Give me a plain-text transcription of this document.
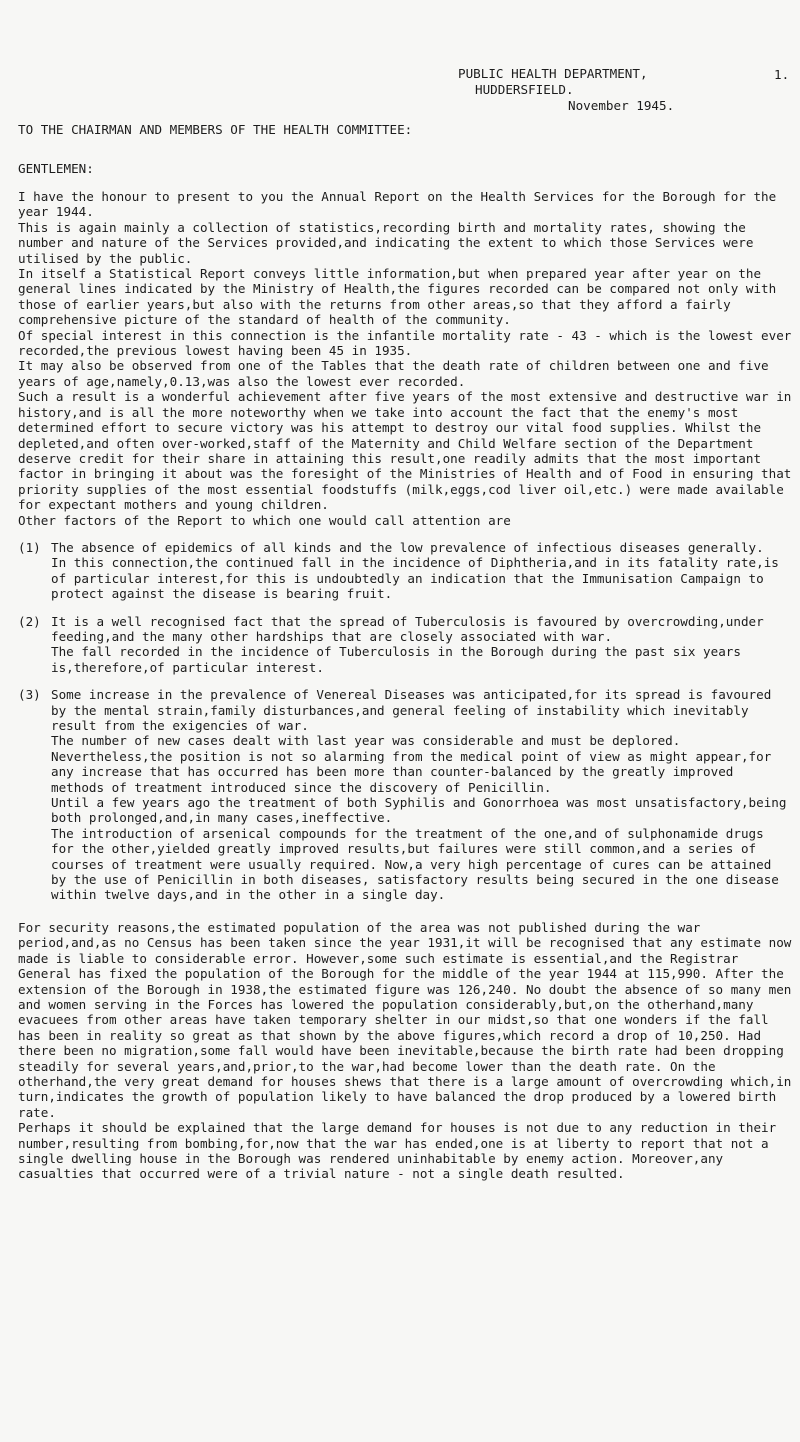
PUBLIC HEALTH DEPARTMENT,
HUDDERSFIELD.
November 1945.
1.
TO THE CHAIRMAN AND MEMBERS OF THE HEALTH COMMITTEE:
GENTLEMEN:

I have the honour to present to you the Annual Report on the Health Services for the Borough for the year 1944.

This is again mainly a collection of statistics,recording birth and mortality rates, showing the number and nature of the Services provided,and indicating the extent to which those Services were utilised by the public.

In itself a Statistical Report conveys little information,but when prepared year after year on the general lines indicated by the Ministry of Health,the figures recorded can be compared not only with those of earlier years,but also with the returns from other areas,so that they afford a fairly comprehensive picture of the standard of health of the community.

Of special interest in this connection is the infantile mortality rate - 43 - which is the lowest ever recorded,the previous lowest having been 45 in 1935.

It may also be observed from one of the Tables that the death rate of children between one and five years of age,namely,0.13,was also the lowest ever recorded.

Such a result is a wonderful achievement after five years of the most extensive and destructive war in history,and is all the more noteworthy when we take into account the fact that the enemy's most determined effort to secure victory was his attempt to destroy our vital food supplies. Whilst the depleted,and often over-worked,staff of the Maternity and Child Welfare section of the Department deserve credit for their share in attaining this result,one readily admits that the most important factor in bringing it about was the foresight of the Ministries of Health and of Food in ensuring that priority supplies of the most essential foodstuffs (milk,eggs,cod liver oil,etc.) were made available for expectant mothers and young children.

Other factors of the Report to which one would call attention are

(1) The absence of epidemics of all kinds and the low prevalence of infectious diseases generally.

In this connection,the continued fall in the incidence of Diphtheria,and in its fatality rate,is of particular interest,for this is undoubtedly an indication that the Immunisation Campaign to protect against the disease is bearing fruit.

(2) It is a well recognised fact that the spread of Tuberculosis is favoured by overcrowding,under feeding,and the many other hardships that are closely associated with war.

The fall recorded in the incidence of Tuberculosis in the Borough during the past six years is,therefore,of particular interest.

(3) Some increase in the prevalence of Venereal Diseases was anticipated,for its spread is favoured by the mental strain,family disturbances,and general feeling of instability which inevitably result from the exigencies of war.

The number of new cases dealt with last year was considerable and must be deplored. Nevertheless,the position is not so alarming from the medical point of view as might appear,for any increase that has occurred has been more than counter-balanced by the greatly improved methods of treatment introduced since the discovery of Penicillin.

Until a few years ago the treatment of both Syphilis and Gonorrhoea was most unsatisfactory,being both prolonged,and,in many cases,ineffective.

The introduction of arsenical compounds for the treatment of the one,and of sulphonamide drugs for the other,yielded greatly improved results,but failures were still common,and a series of courses of treatment were usually required. Now,a very high percentage of cures can be attained by the use of Penicillin in both diseases, satisfactory results being secured in the one disease within twelve days,and in the other in a single day.

For security reasons,the estimated population of the area was not published during the war period,and,as no Census has been taken since the year 1931,it will be recognised that any estimate now made is liable to considerable error. However,some such estimate is essential,and the Registrar General has fixed the population of the Borough for the middle of the year 1944 at 115,990. After the extension of the Borough in 1938,the estimated figure was 126,240. No doubt the absence of so many men and women serving in the Forces has lowered the population considerably,but,on the otherhand,many evacuees from other areas have taken temporary shelter in our midst,so that one wonders if the fall has been in reality so great as that shown by the above figures,which record a drop of 10,250. Had there been no migration,some fall would have been inevitable,because the birth rate had been dropping steadily for several years,and,prior,to the war,had become lower than the death rate. On the otherhand,the very great demand for houses shews that there is a large amount of overcrowding which,in turn,indicates the growth of population likely to have balanced the drop produced by a lowered birth rate.

Perhaps it should be explained that the large demand for houses is not due to any reduction in their number,resulting from bombing,for,now that the war has ended,one is at liberty to report that not a single dwelling house in the Borough was rendered uninhabitable by enemy action. Moreover,any casualties that occurred were of a trivial nature - not a single death resulted.
